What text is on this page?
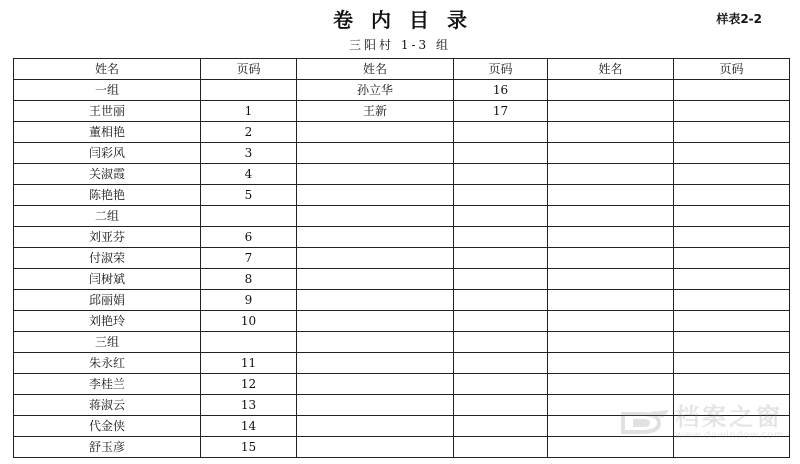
卷内目录	样表2-2
三阳村 1-3 组
姓名	页码	姓名	页码	姓名	页码
一组		孙立华	16		
王世丽	1	王新	17		
董相艳	2				
闫彩风	3				
关淑霞	4				
陈艳艳	5				
二组					
刘亚芬	6				
付淑荣	7				
闫树斌	8				
邱丽娟	9				
刘艳玲	10				
三组					
朱永红	11				
李桂兰	12				
蒋淑云	13				
代金侠	14				
舒玉彦	15				
档案之窗
www.dawindow.com
